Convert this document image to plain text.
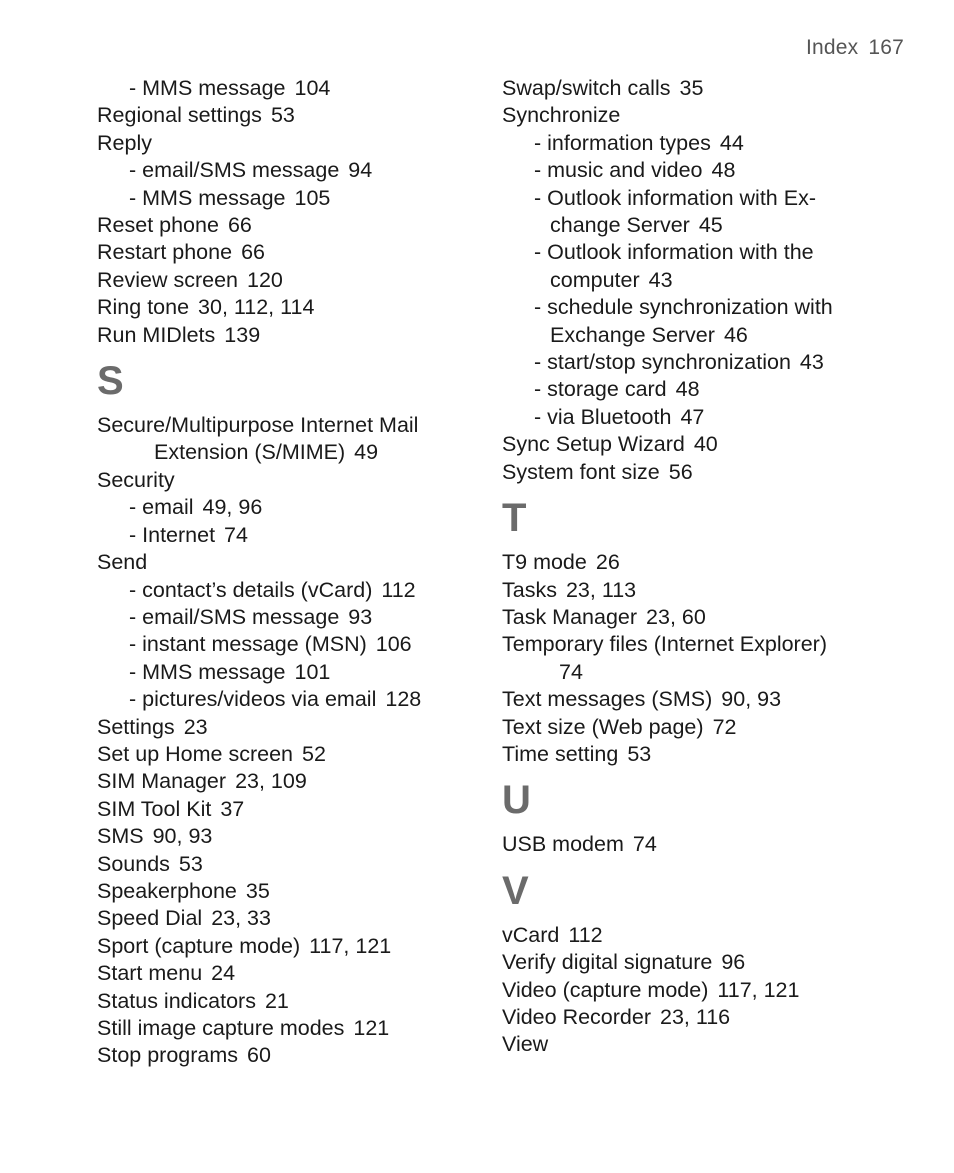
Index 167
- MMS message 104
Regional settings 53
Reply
- email/SMS message 94
- MMS message 105
Reset phone 66
Restart phone 66
Review screen 120
Ring tone 30, 112, 114
Run MIDlets 139
S
Secure/Multipurpose Internet Mail
Extension (S/MIME) 49
Security
- email 49, 96
- Internet 74
Send
- contact’s details (vCard) 112
- email/SMS message 93
- instant message (MSN) 106
- MMS message 101
- pictures/videos via email 128
Settings 23
Set up Home screen 52
SIM Manager 23, 109
SIM Tool Kit 37
SMS 90, 93
Sounds 53
Speakerphone 35
Speed Dial 23, 33
Sport (capture mode) 117, 121
Start menu 24
Status indicators 21
Still image capture modes 121
Stop programs 60
Swap/switch calls 35
Synchronize
- information types 44
- music and video 48
- Outlook information with Ex-
change Server 45
- Outlook information with the
computer 43
- schedule synchronization with
Exchange Server 46
- start/stop synchronization 43
- storage card 48
- via Bluetooth 47
Sync Setup Wizard 40
System font size 56
T
T9 mode 26
Tasks 23, 113
Task Manager 23, 60
Temporary files (Internet Explorer)
74
Text messages (SMS) 90, 93
Text size (Web page) 72
Time setting 53
U
USB modem 74
V
vCard 112
Verify digital signature 96
Video (capture mode) 117, 121
Video Recorder 23, 116
View
